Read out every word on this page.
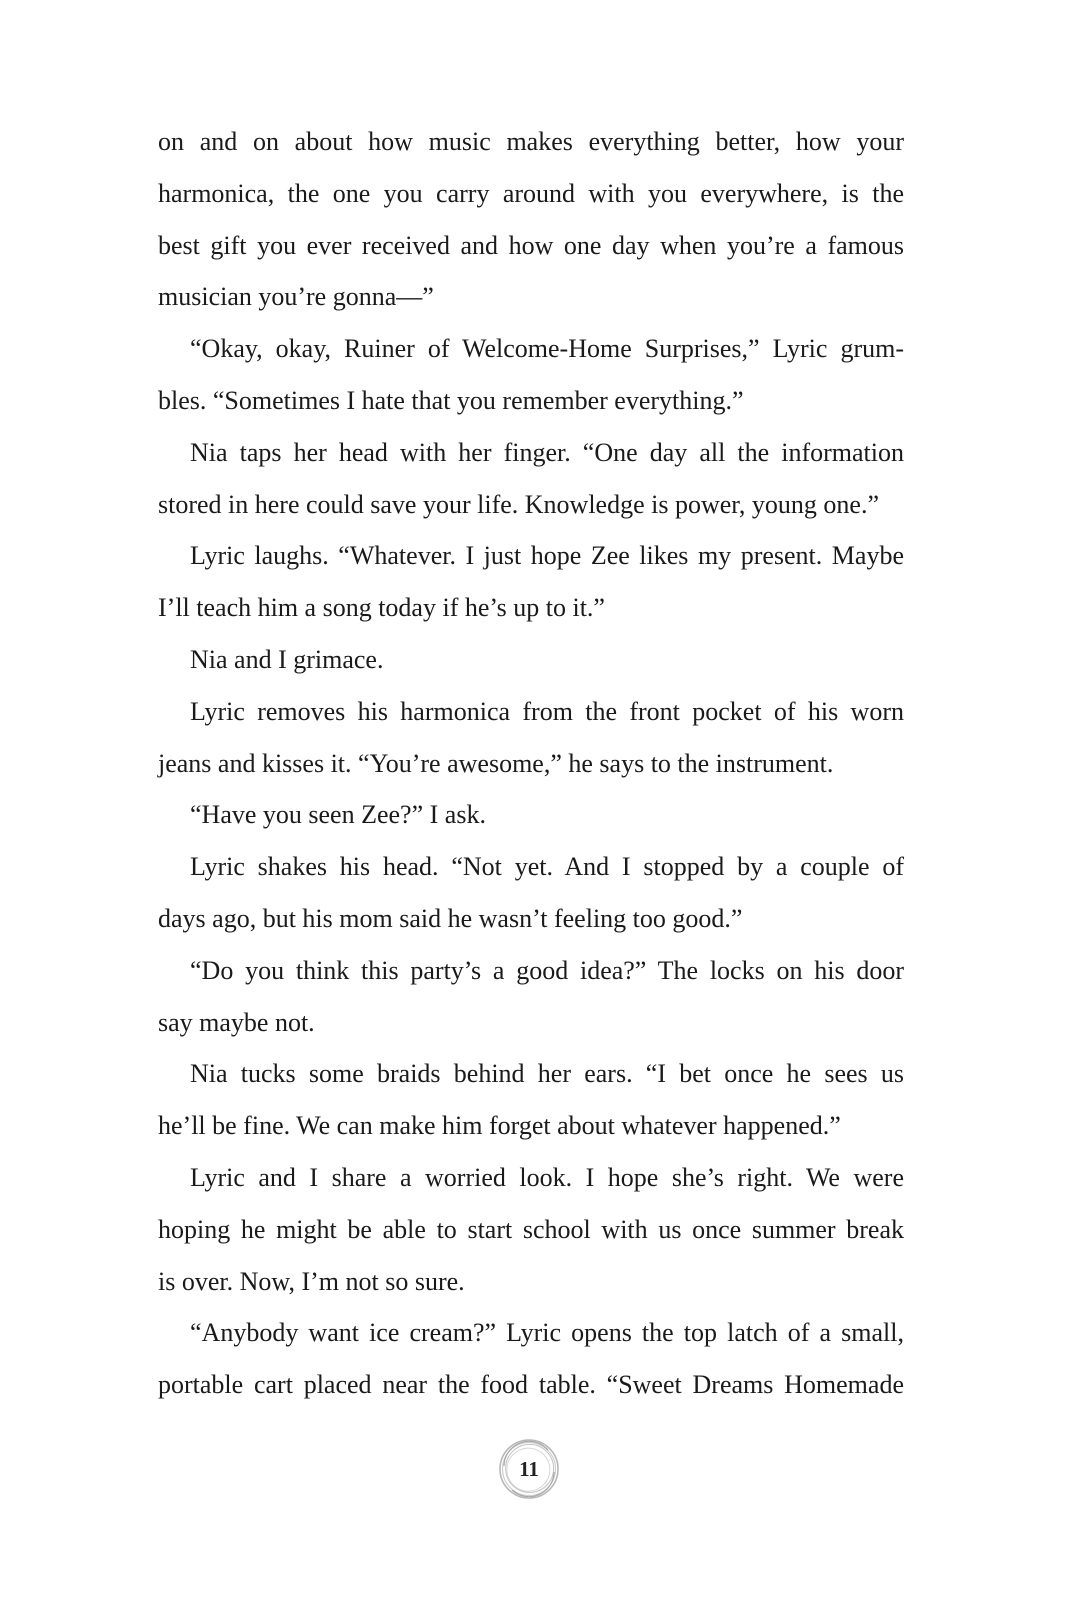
on and on about how music makes everything better, how your
harmonica, the one you carry around with you everywhere, is the
best gift you ever received and how one day when you’re a famous
musician you’re gonna—”
“Okay, okay, Ruiner of Welcome-Home Surprises,” Lyric grum-
bles. “Sometimes I hate that you remember everything.”
Nia taps her head with her finger. “One day all the information
stored in here could save your life. Knowledge is power, young one.”
Lyric laughs. “Whatever. I just hope Zee likes my present. Maybe
I’ll teach him a song today if he’s up to it.”
Nia and I grimace.
Lyric removes his harmonica from the front pocket of his worn
jeans and kisses it. “You’re awesome,” he says to the instrument.
“Have you seen Zee?” I ask.
Lyric shakes his head. “Not yet. And I stopped by a couple of
days ago, but his mom said he wasn’t feeling too good.”
“Do you think this party’s a good idea?” The locks on his door
say maybe not.
Nia tucks some braids behind her ears. “I bet once he sees us
he’ll be fine. We can make him forget about whatever happened.”
Lyric and I share a worried look. I hope she’s right. We were
hoping he might be able to start school with us once summer break
is over. Now, I’m not so sure.
“Anybody want ice cream?” Lyric opens the top latch of a small,
portable cart placed near the food table. “Sweet Dreams Homemade
11
